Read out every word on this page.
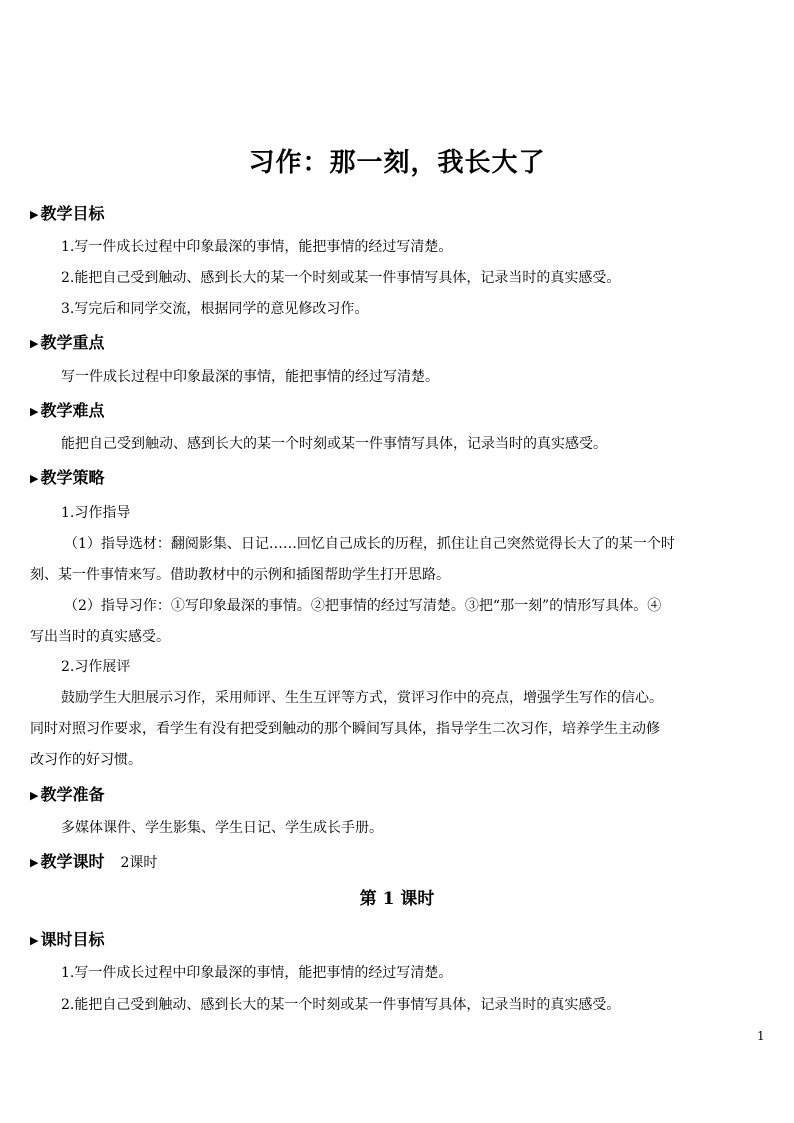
习作：那一刻，我长大了
▶ 教学目标
1.写一件成长过程中印象最深的事情，能把事情的经过写清楚。
2.能把自己受到触动、感到长大的某一个时刻或某一件事情写具体，记录当时的真实感受。
3.写完后和同学交流，根据同学的意见修改习作。
▶ 教学重点
写一件成长过程中印象最深的事情，能把事情的经过写清楚。
▶ 教学难点
能把自己受到触动、感到长大的某一个时刻或某一件事情写具体，记录当时的真实感受。
▶ 教学策略
1.习作指导
（1）指导选材：翻阅影集、日记……回忆自己成长的历程，抓住让自己突然觉得长大了的某一个时
刻、某一件事情来写。借助教材中的示例和插图帮助学生打开思路。
（2）指导习作：①写印象最深的事情。②把事情的经过写清楚。③把“那一刻”的情形写具体。④
写出当时的真实感受。
2.习作展评
鼓励学生大胆展示习作，采用师评、生生互评等方式，赏评习作中的亮点，增强学生写作的信心。
同时对照习作要求，看学生有没有把受到触动的那个瞬间写具体，指导学生二次习作，培养学生主动修
改习作的好习惯。
▶ 教学准备
多媒体课件、学生影集、学生日记、学生成长手册。
▶ 教学课时 2课时
第 1 课时
▶ 课时目标
1.写一件成长过程中印象最深的事情，能把事情的经过写清楚。
2.能把自己受到触动、感到长大的某一个时刻或某一件事情写具体，记录当时的真实感受。
1
